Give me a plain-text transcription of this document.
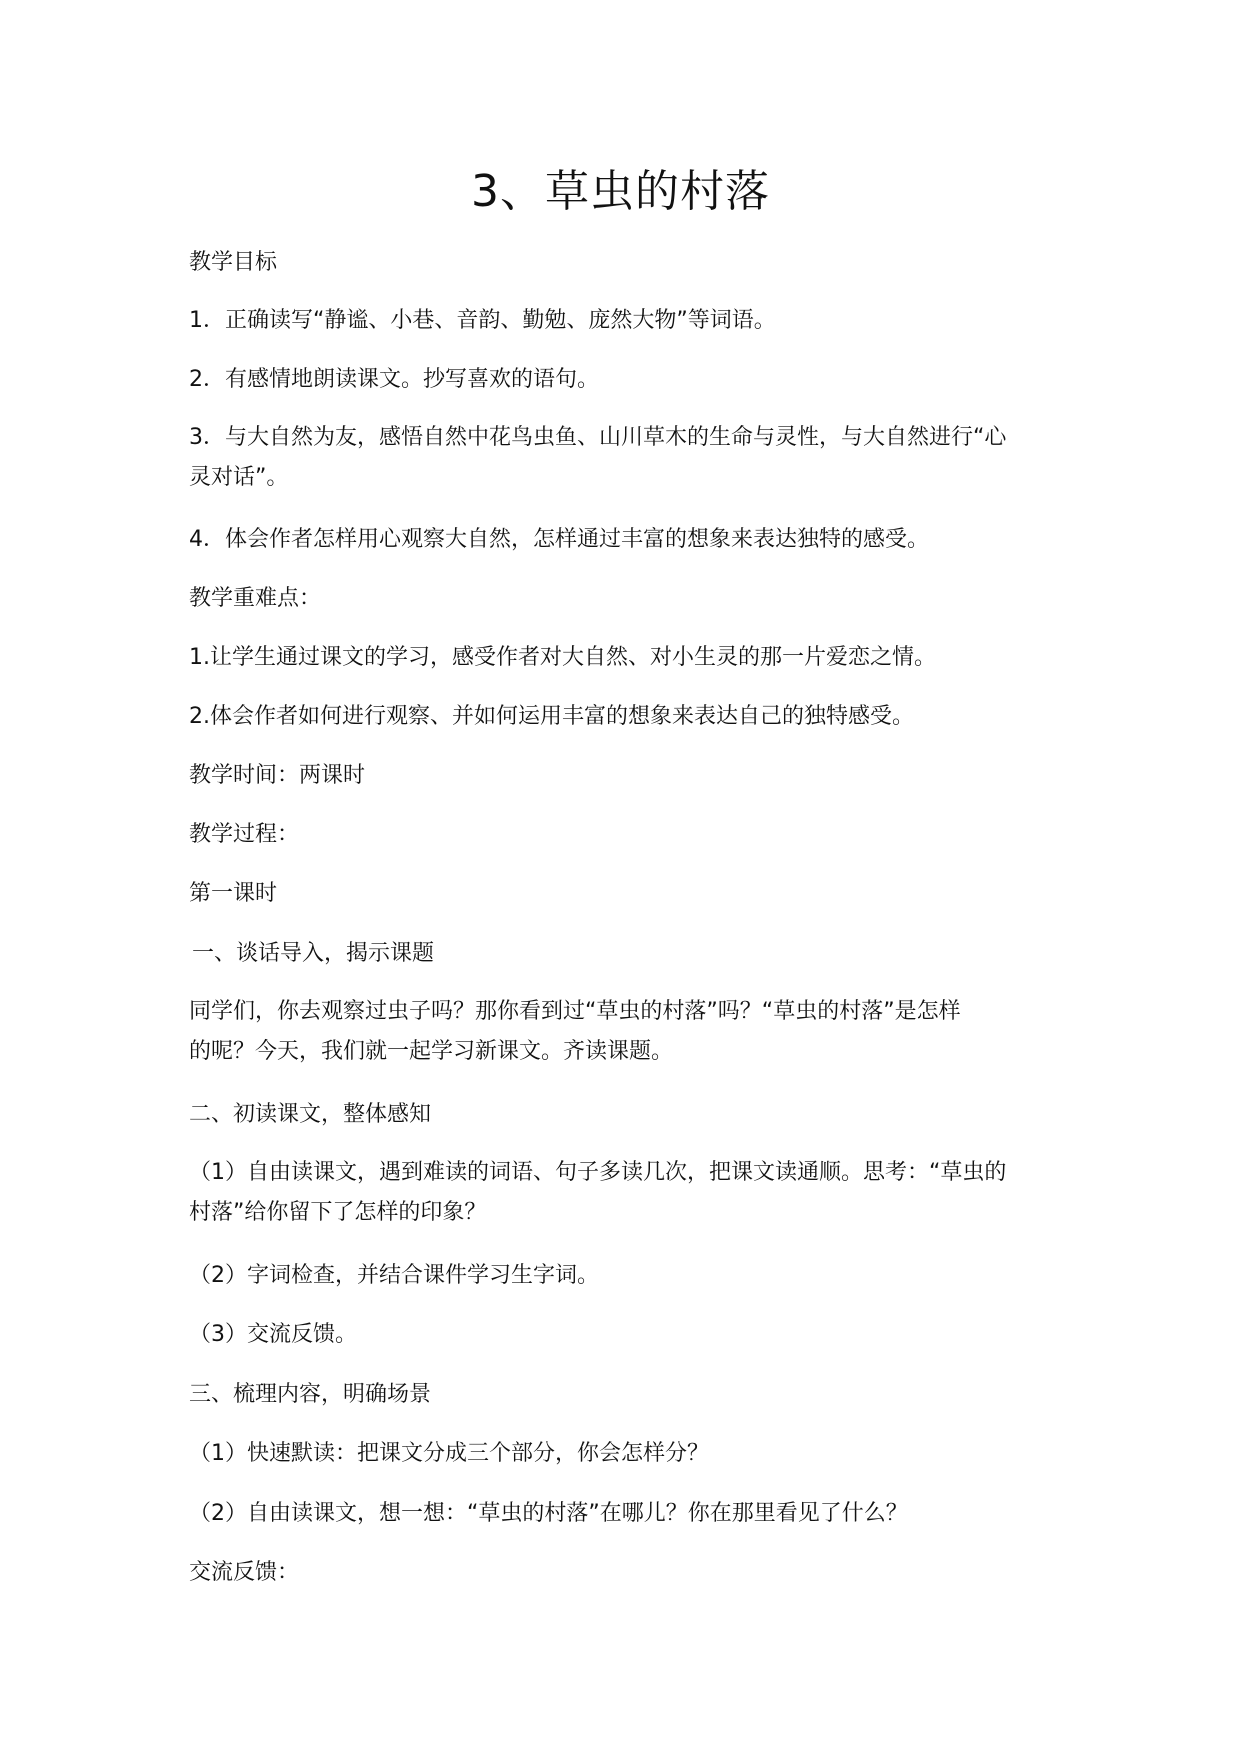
3、草虫的村落
教学目标
1．正确读写“静谧、小巷、音韵、勤勉、庞然大物”等词语。
2．有感情地朗读课文。抄写喜欢的语句。
3．与大自然为友，感悟自然中花鸟虫鱼、山川草木的生命与灵性，与大自然进行“心
灵对话”。
4．体会作者怎样用心观察大自然，怎样通过丰富的想象来表达独特的感受。
教学重难点：
1.让学生通过课文的学习，感受作者对大自然、对小生灵的那一片爱恋之情。
2.体会作者如何进行观察、并如何运用丰富的想象来表达自己的独特感受。
教学时间：两课时
教学过程：
第一课时
一、谈话导入，揭示课题
同学们，你去观察过虫子吗？那你看到过“草虫的村落”吗？“草虫的村落”是怎样
的呢？今天，我们就一起学习新课文。齐读课题。
二、初读课文，整体感知
（1）自由读课文，遇到难读的词语、句子多读几次，把课文读通顺。思考：“草虫的
村落”给你留下了怎样的印象？
（2）字词检查，并结合课件学习生字词。
（3）交流反馈。
三、梳理内容，明确场景
（1）快速默读：把课文分成三个部分，你会怎样分？
（2）自由读课文，想一想：“草虫的村落”在哪儿？你在那里看见了什么？
交流反馈：
